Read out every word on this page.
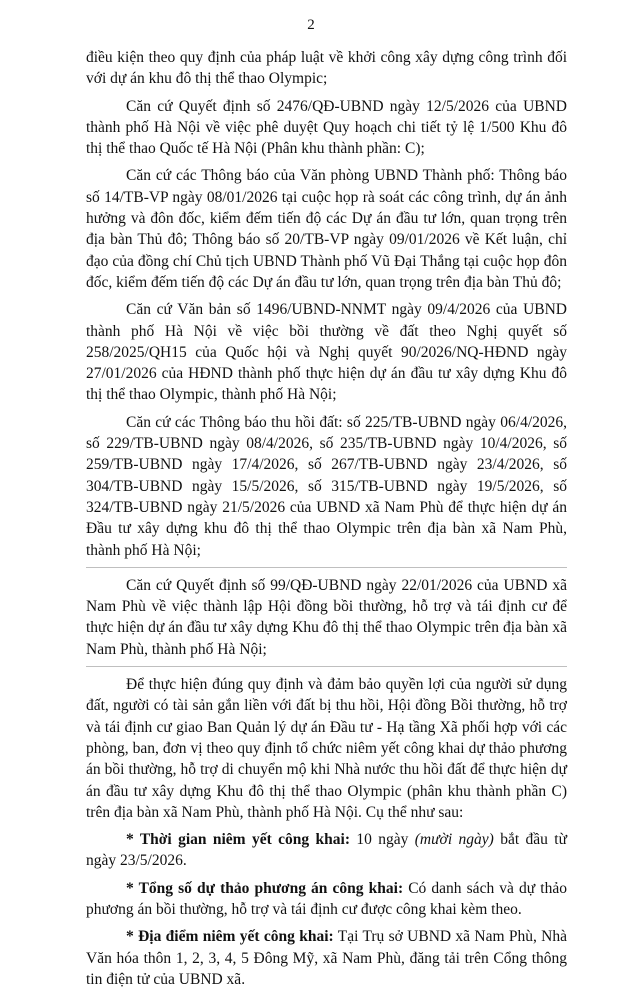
2

điều kiện theo quy định của pháp luật về khởi công xây dựng công trình đối với dự án khu đô thị thể thao Olympic;

Căn cứ Quyết định số 2476/QĐ-UBND ngày 12/5/2026 của UBND thành phố Hà Nội về việc phê duyệt Quy hoạch chi tiết tỷ lệ 1/500 Khu đô thị thể thao Quốc tế Hà Nội (Phân khu thành phần: C);

Căn cứ các Thông báo của Văn phòng UBND Thành phố: Thông báo số 14/TB-VP ngày 08/01/2026 tại cuộc họp rà soát các công trình, dự án ảnh hưởng và đôn đốc, kiểm đếm tiến độ các Dự án đầu tư lớn, quan trọng trên địa bàn Thủ đô; Thông báo số 20/TB-VP ngày 09/01/2026 về Kết luận, chỉ đạo của đồng chí Chủ tịch UBND Thành phố Vũ Đại Thắng tại cuộc họp đôn đốc, kiểm đếm tiến độ các Dự án đầu tư lớn, quan trọng trên địa bàn Thủ đô;

Căn cứ Văn bản số 1496/UBND-NNMT ngày 09/4/2026 của UBND thành phố Hà Nội về việc bồi thường về đất theo Nghị quyết số 258/2025/QH15 của Quốc hội và Nghị quyết 90/2026/NQ-HĐND ngày 27/01/2026 của HĐND thành phố thực hiện dự án đầu tư xây dựng Khu đô thị thể thao Olympic, thành phố Hà Nội;

Căn cứ các Thông báo thu hồi đất: số 225/TB-UBND ngày 06/4/2026, số 229/TB-UBND ngày 08/4/2026, số 235/TB-UBND ngày 10/4/2026, số 259/TB-UBND ngày 17/4/2026, số 267/TB-UBND ngày 23/4/2026, số 304/TB-UBND ngày 15/5/2026, số 315/TB-UBND ngày 19/5/2026, số 324/TB-UBND ngày 21/5/2026 của UBND xã Nam Phù để thực hiện dự án Đầu tư xây dựng khu đô thị thể thao Olympic trên địa bàn xã Nam Phù, thành phố Hà Nội;

Căn cứ Quyết định số 99/QĐ-UBND ngày 22/01/2026 của UBND xã Nam Phù về việc thành lập Hội đồng bồi thường, hỗ trợ và tái định cư để thực hiện dự án đầu tư xây dựng Khu đô thị thể thao Olympic trên địa bàn xã Nam Phù, thành phố Hà Nội;

Để thực hiện đúng quy định và đảm bảo quyền lợi của người sử dụng đất, người có tài sản gắn liền với đất bị thu hồi, Hội đồng Bồi thường, hỗ trợ và tái định cư giao Ban Quản lý dự án Đầu tư - Hạ tầng Xã phối hợp với các phòng, ban, đơn vị theo quy định tổ chức niêm yết công khai dự thảo phương án bồi thường, hỗ trợ di chuyển mộ khi Nhà nước thu hồi đất để thực hiện dự án đầu tư xây dựng Khu đô thị thể thao Olympic (phân khu thành phần C) trên địa bàn xã Nam Phù, thành phố Hà Nội. Cụ thể như sau:

* Thời gian niêm yết công khai: 10 ngày (mười ngày) bắt đầu từ ngày 23/5/2026.

* Tổng số dự thảo phương án công khai: Có danh sách và dự thảo phương án bồi thường, hỗ trợ và tái định cư được công khai kèm theo.

* Địa điểm niêm yết công khai: Tại Trụ sở UBND xã Nam Phù, Nhà Văn hóa thôn 1, 2, 3, 4, 5 Đông Mỹ, xã Nam Phù, đăng tải trên Cổng thông tin điện tử của UBND xã.
